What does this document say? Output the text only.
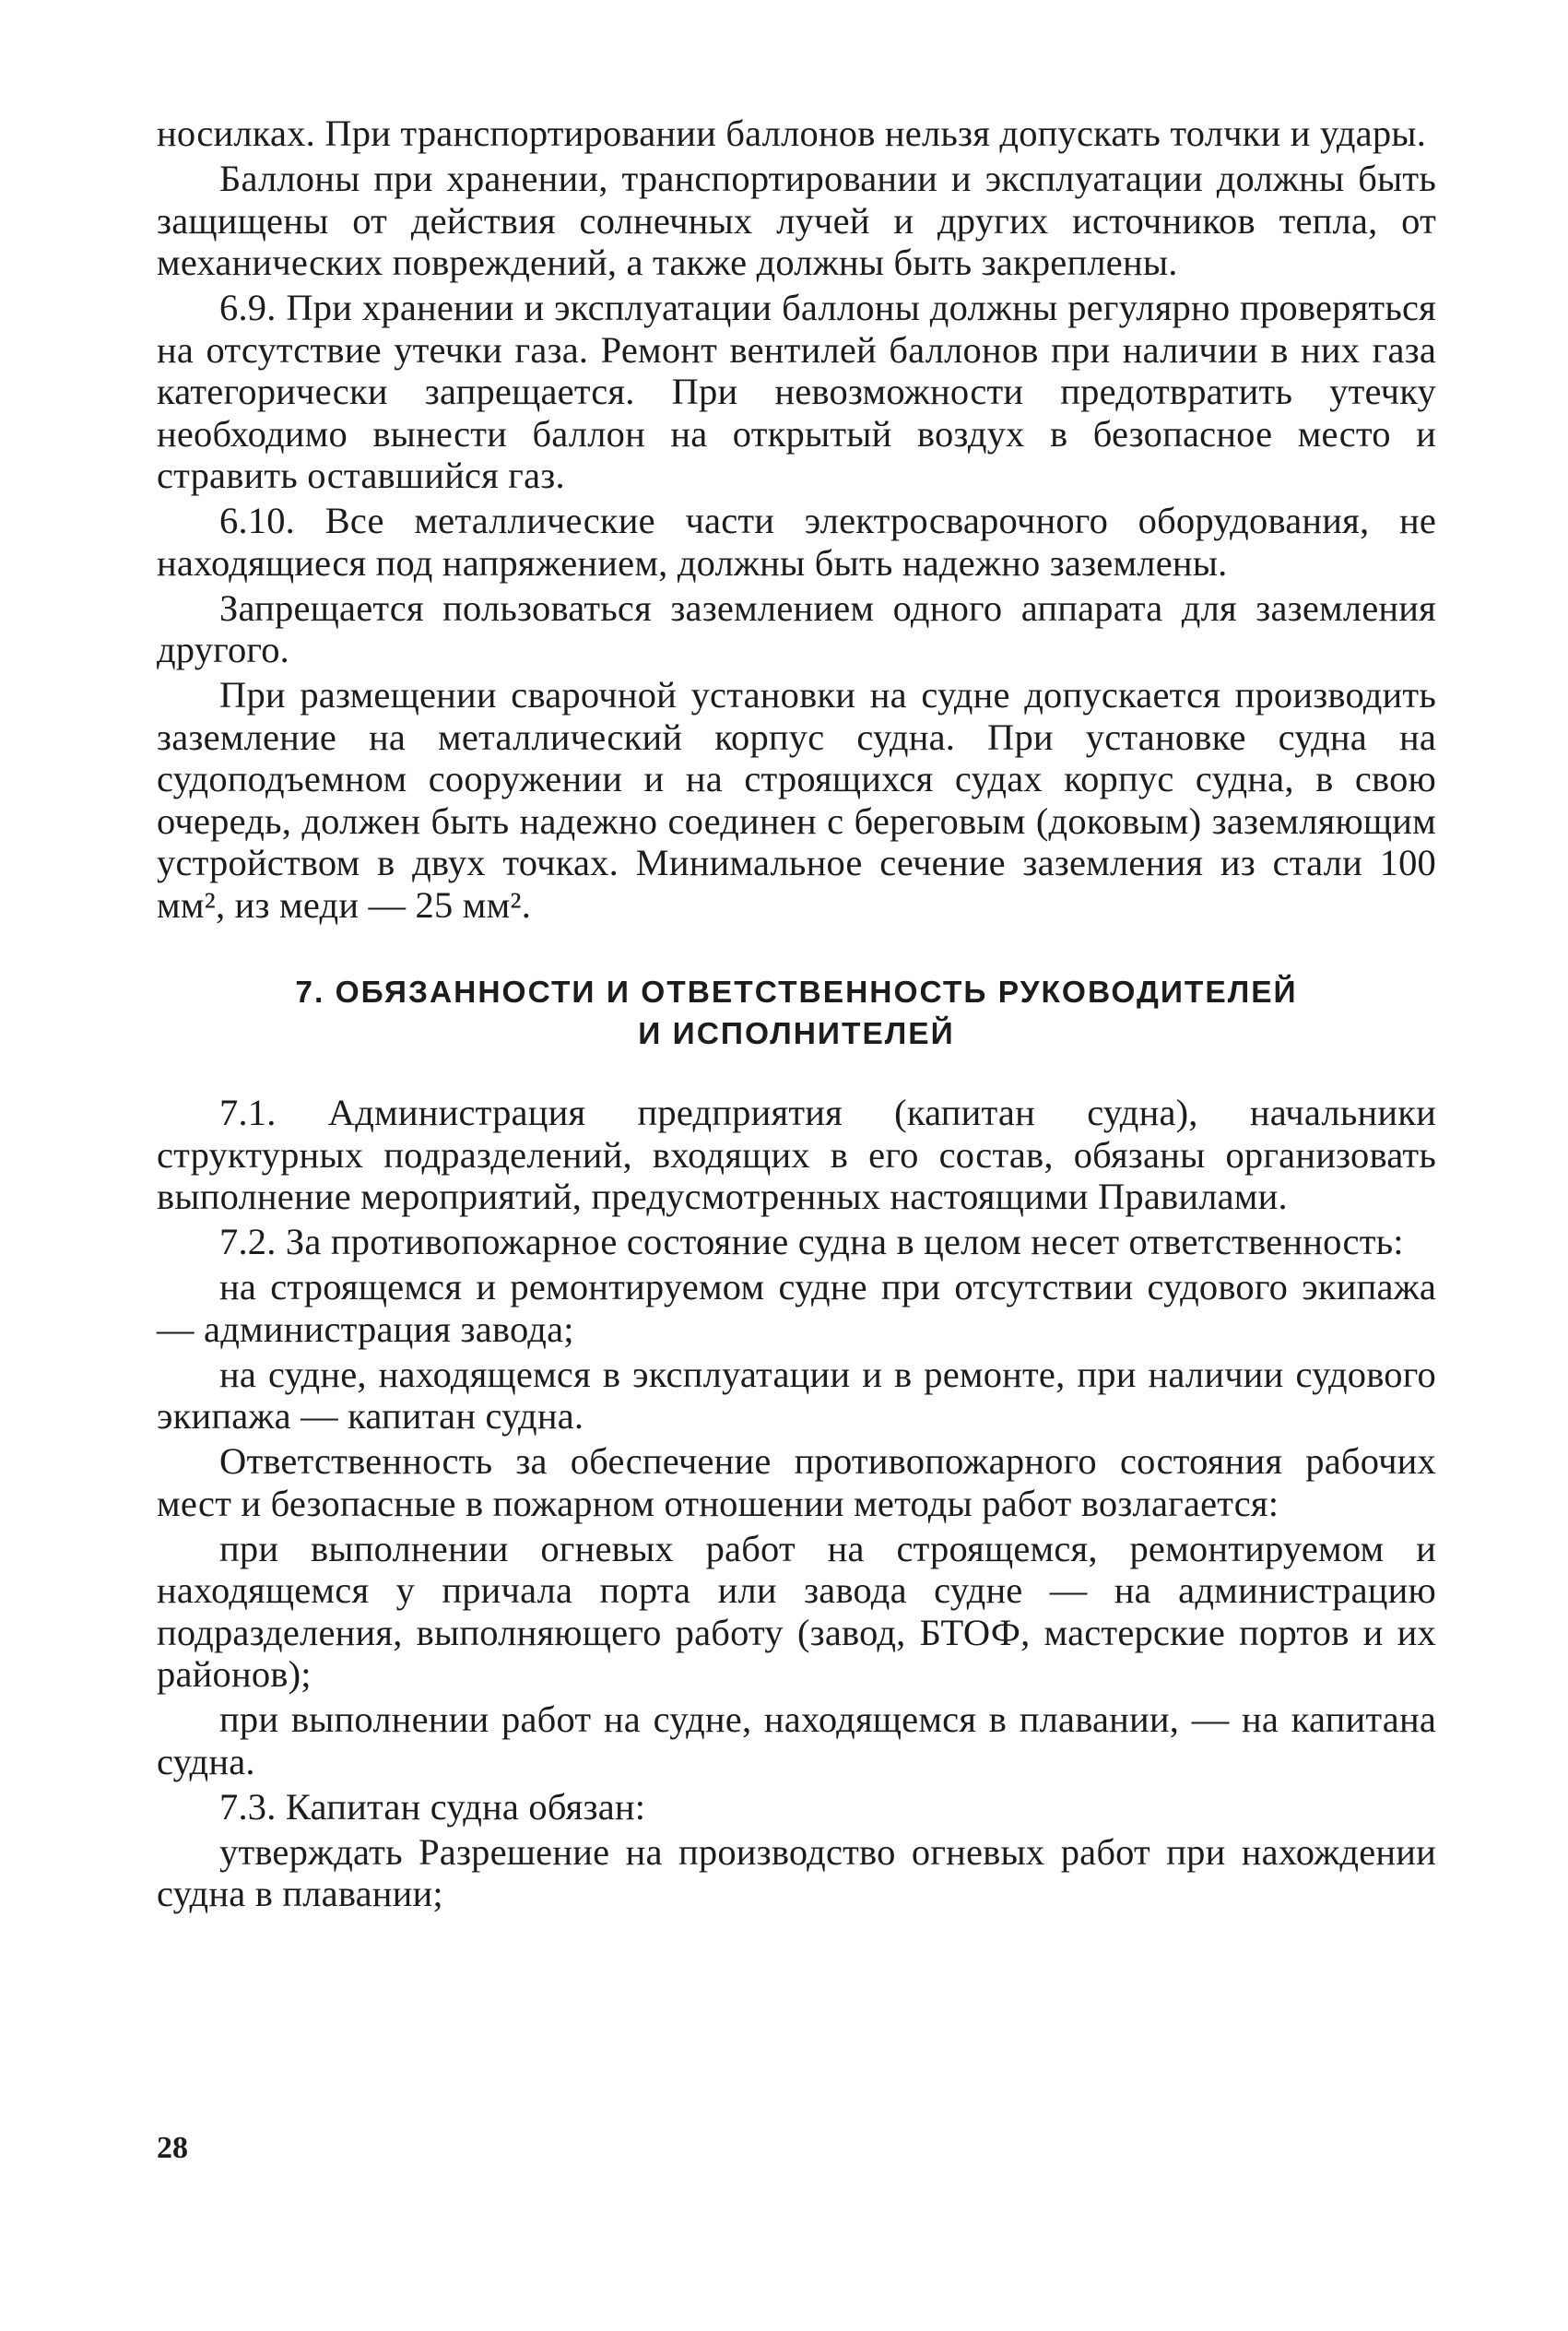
носилках. При транспортировании баллонов нельзя допускать толчки и удары.

Баллоны при хранении, транспортировании и эксплуатации должны быть защищены от действия солнечных лучей и других источников тепла, от механических повреждений, а также должны быть закреплены.

6.9. При хранении и эксплуатации баллоны должны регулярно проверяться на отсутствие утечки газа. Ремонт вентилей баллонов при наличии в них газа категорически запрещается. При невозможности предотвратить утечку необходимо вынести баллон на открытый воздух в безопасное место и стравить оставшийся газ.

6.10. Все металлические части электросварочного оборудования, не находящиеся под напряжением, должны быть надежно заземлены.

Запрещается пользоваться заземлением одного аппарата для заземления другого.

При размещении сварочной установки на судне допускается производить заземление на металлический корпус судна. При установке судна на судоподъемном сооружении и на строящихся судах корпус судна, в свою очередь, должен быть надежно соединен с береговым (доковым) заземляющим устройством в двух точках. Минимальное сечение заземления из стали 100 мм², из меди — 25 мм².

7. ОБЯЗАННОСТИ И ОТВЕТСТВЕННОСТЬ РУКОВОДИТЕЛЕЙ
И ИСПОЛНИТЕЛЕЙ

7.1. Администрация предприятия (капитан судна), начальники структурных подразделений, входящих в его состав, обязаны организовать выполнение мероприятий, предусмотренных настоящими Правилами.

7.2. За противопожарное состояние судна в целом несет ответственность:

на строящемся и ремонтируемом судне при отсутствии судового экипажа — администрация завода;

на судне, находящемся в эксплуатации и в ремонте, при наличии судового экипажа — капитан судна.

Ответственность за обеспечение противопожарного состояния рабочих мест и безопасные в пожарном отношении методы работ возлагается:

при выполнении огневых работ на строящемся, ремонтируемом и находящемся у причала порта или завода судне — на администрацию подразделения, выполняющего работу (завод, БТОФ, мастерские портов и их районов);

при выполнении работ на судне, находящемся в плавании, — на капитана судна.

7.3. Капитан судна обязан:

утверждать Разрешение на производство огневых работ при нахождении судна в плавании;

28
